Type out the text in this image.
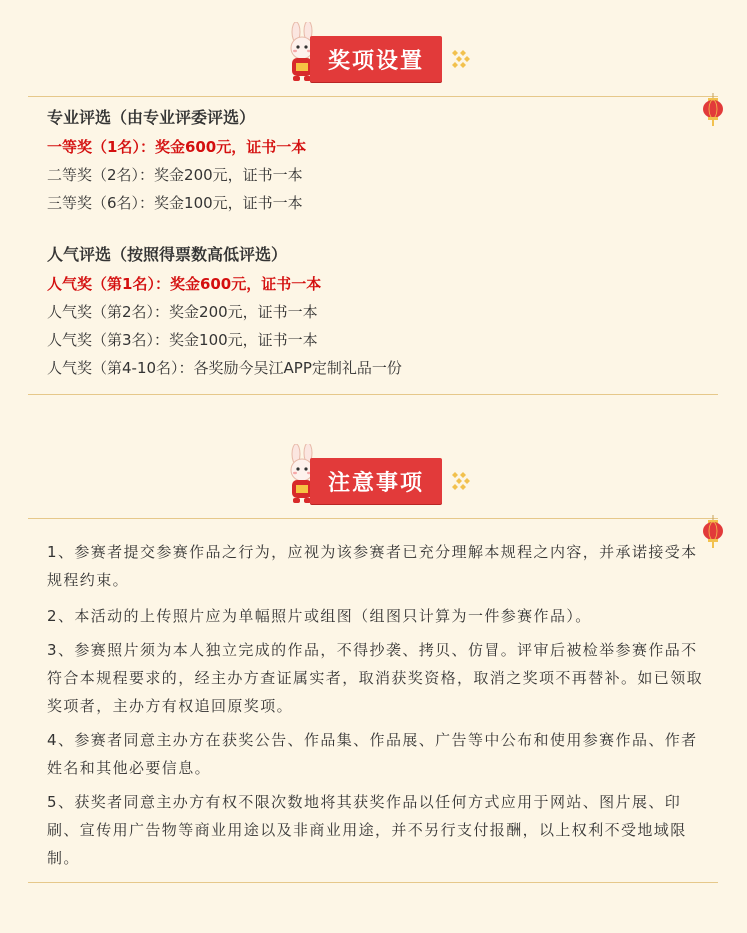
奖项设置
专业评选（由专业评委评选）
一等奖（1名）：奖金600元，证书一本
二等奖（2名）：奖金200元，证书一本
三等奖（6名）：奖金100元，证书一本
人气评选（按照得票数高低评选）
人气奖（第1名）：奖金600元，证书一本
人气奖（第2名）：奖金200元，证书一本
人气奖（第3名）：奖金100元，证书一本
人气奖（第4-10名）：各奖励今吴江APP定制礼品一份
注意事项
1、参赛者提交参赛作品之行为，应视为该参赛者已充分理解本规程之内容，并承诺接受本规程约束。
2、本活动的上传照片应为单幅照片或组图（组图只计算为一件参赛作品）。
3、参赛照片须为本人独立完成的作品，不得抄袭、拷贝、仿冒。评审后被检举参赛作品不符合本规程要求的，经主办方查证属实者，取消获奖资格，取消之奖项不再替补。如已领取奖项者，主办方有权追回原奖项。
4、参赛者同意主办方在获奖公告、作品集、作品展、广告等中公布和使用参赛作品、作者姓名和其他必要信息。
5、获奖者同意主办方有权不限次数地将其获奖作品以任何方式应用于网站、图片展、印刷、宣传用广告物等商业用途以及非商业用途，并不另行支付报酬，以上权利不受地域限制。
